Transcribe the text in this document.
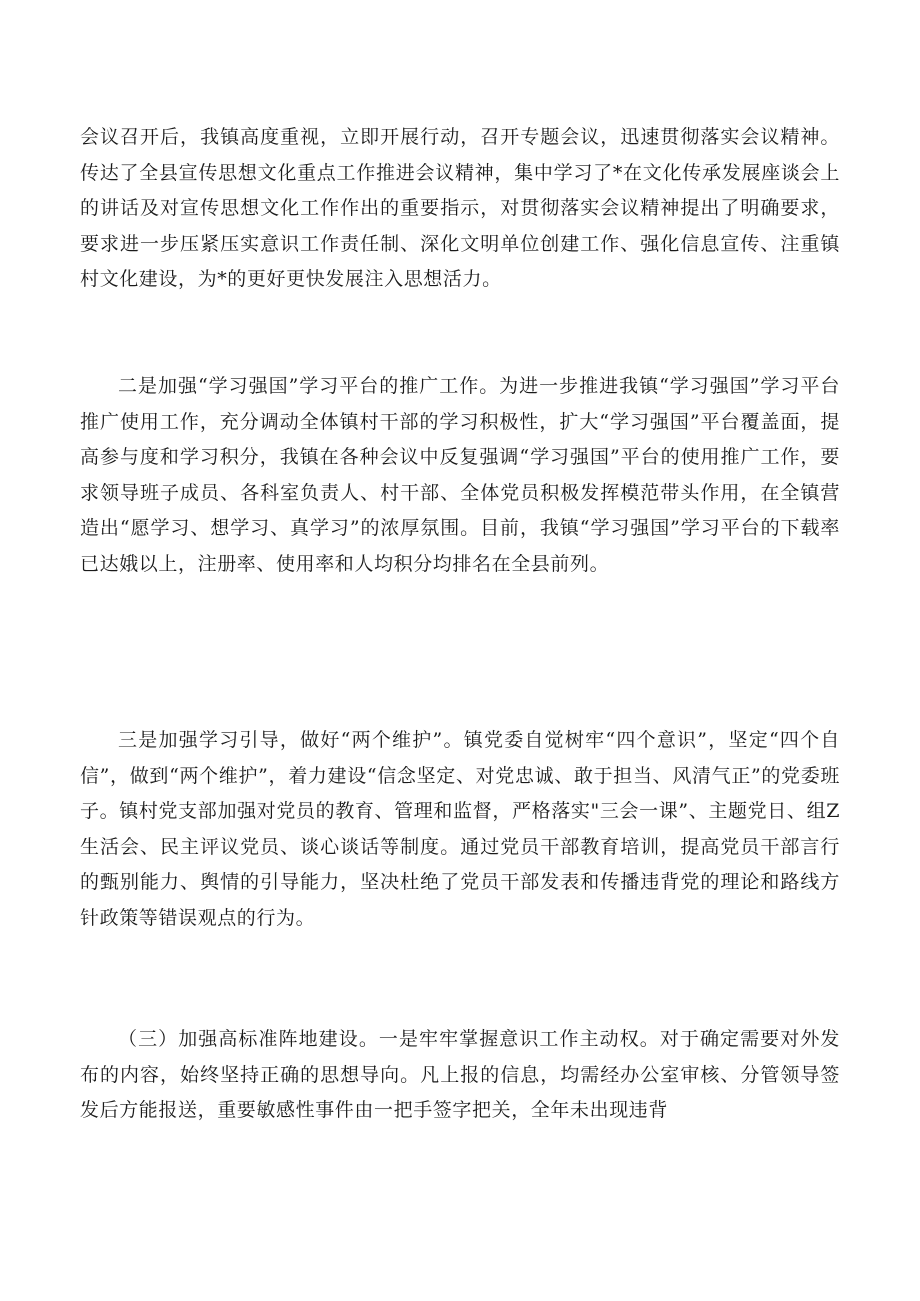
会议召开后，我镇高度重视，立即开展行动，召开专题会议，迅速贯彻落实会议精神。传达了全县宣传思想文化重点工作推进会议精神，集中学习了*在文化传承发展座谈会上的讲话及对宣传思想文化工作作出的重要指示，对贯彻落实会议精神提出了明确要求，要求进一步压紧压实意识工作责任制、深化文明单位创建工作、强化信息宣传、注重镇村文化建设，为*的更好更快发展注入思想活力。

二是加强“学习强国”学习平台的推广工作。为进一步推进我镇“学习强国”学习平台推广使用工作，充分调动全体镇村干部的学习积极性，扩大“学习强国”平台覆盖面，提高参与度和学习积分，我镇在各种会议中反复强调“学习强国”平台的使用推广工作，要求领导班子成员、各科室负责人、村干部、全体党员积极发挥模范带头作用，在全镇营造出“愿学习、想学习、真学习”的浓厚氛围。目前，我镇“学习强国”学习平台的下载率已达娥以上，注册率、使用率和人均积分均排名在全县前列。

三是加强学习引导，做好“两个维护”。镇党委自觉树牢“四个意识”，坚定“四个自信”，做到“两个维护”，着力建设“信念坚定、对党忠诚、敢于担当、风清气正”的党委班子。镇村党支部加强对党员的教育、管理和监督，严格落实"三会一课”、主题党日、组Z生活会、民主评议党员、谈心谈话等制度。通过党员干部教育培训，提高党员干部言行的甄别能力、舆情的引导能力，坚决杜绝了党员干部发表和传播违背党的理论和路线方针政策等错误观点的行为。

（三）加强高标准阵地建设。一是牢牢掌握意识工作主动权。对于确定需要对外发布的内容，始终坚持正确的思想导向。凡上报的信息，均需经办公室审核、分管领导签发后方能报送，重要敏感性事件由一把手签字把关，全年未出现违背
